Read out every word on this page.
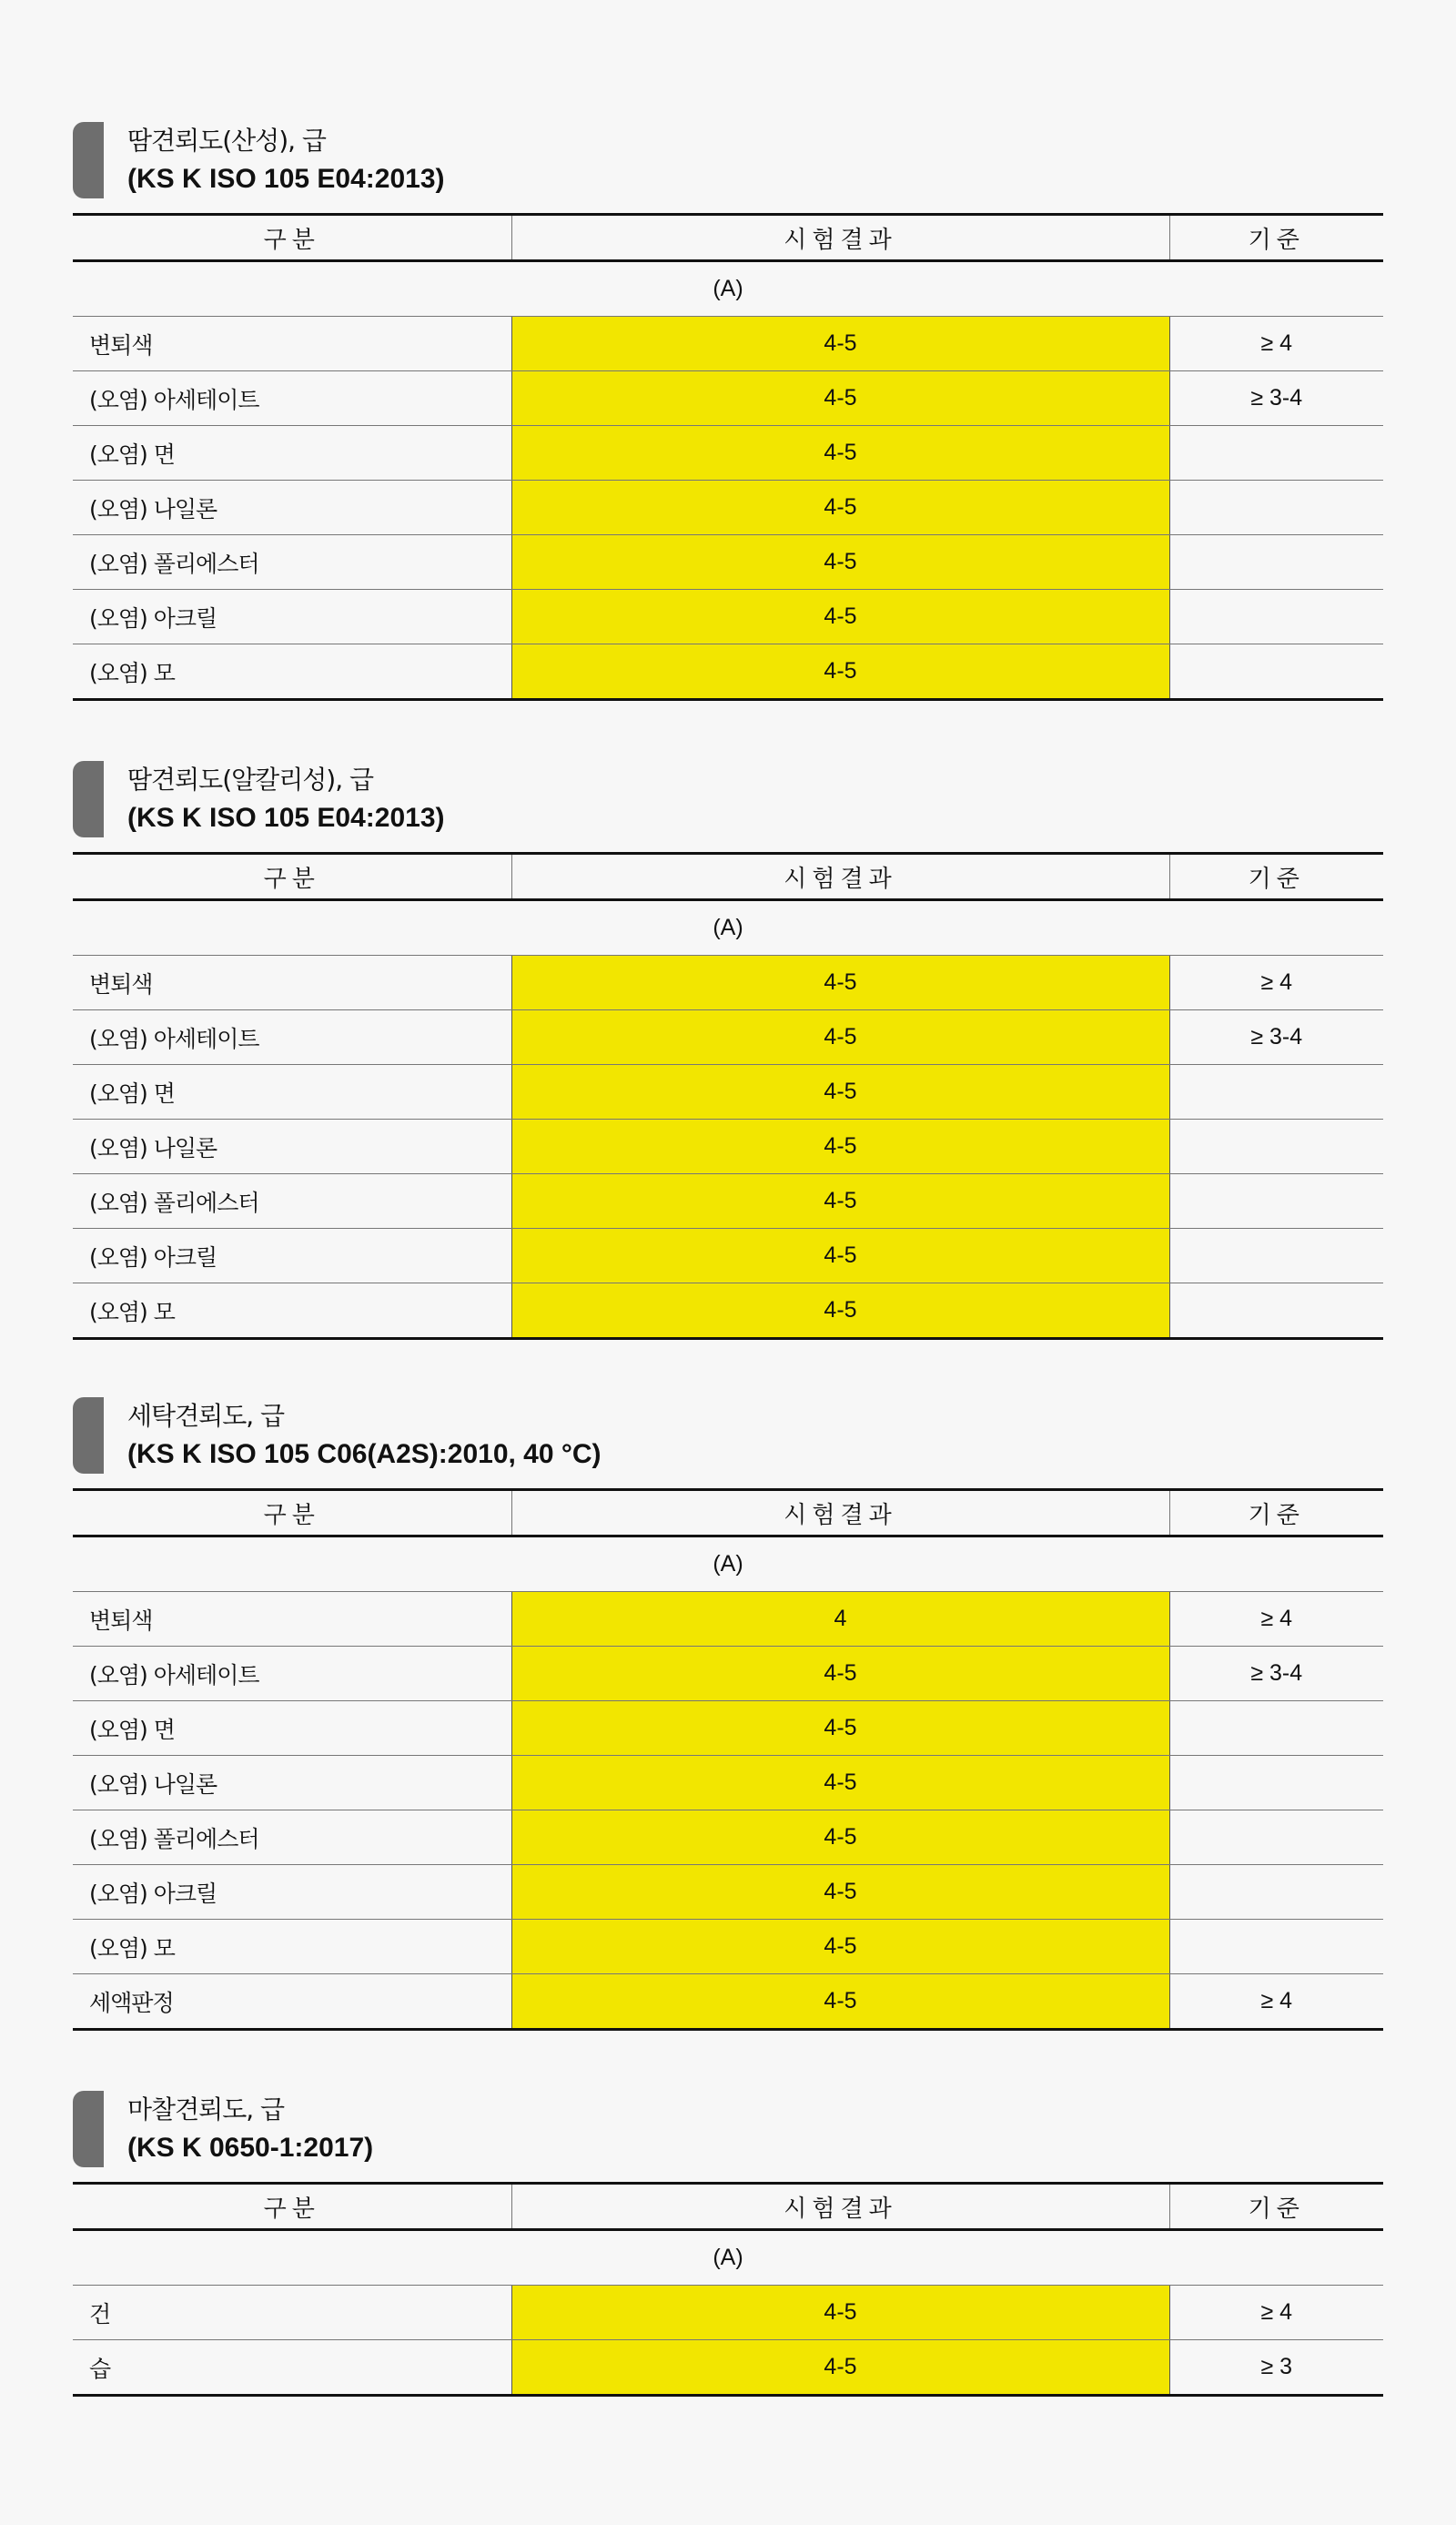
땀견뢰도(산성), 급
(KS K ISO 105 E04:2013)
구분	시험결과	기준
(A)		
변퇴색	4-5	≥ 4
(오염) 아세테이트	4-5	≥ 3-4
(오염) 면	4-5	
(오염) 나일론	4-5	
(오염) 폴리에스터	4-5	
(오염) 아크릴	4-5	
(오염) 모	4-5	
땀견뢰도(알칼리성), 급
(KS K ISO 105 E04:2013)
구분	시험결과	기준
(A)		
변퇴색	4-5	≥ 4
(오염) 아세테이트	4-5	≥ 3-4
(오염) 면	4-5	
(오염) 나일론	4-5	
(오염) 폴리에스터	4-5	
(오염) 아크릴	4-5	
(오염) 모	4-5	
세탁견뢰도, 급
(KS K ISO 105 C06(A2S):2010, 40 °C)
구분	시험결과	기준
(A)		
변퇴색	4	≥ 4
(오염) 아세테이트	4-5	≥ 3-4
(오염) 면	4-5	
(오염) 나일론	4-5	
(오염) 폴리에스터	4-5	
(오염) 아크릴	4-5	
(오염) 모	4-5	
세액판정	4-5	≥ 4
마찰견뢰도, 급
(KS K 0650-1:2017)
구분	시험결과	기준
(A)		
건	4-5	≥ 4
습	4-5	≥ 3
